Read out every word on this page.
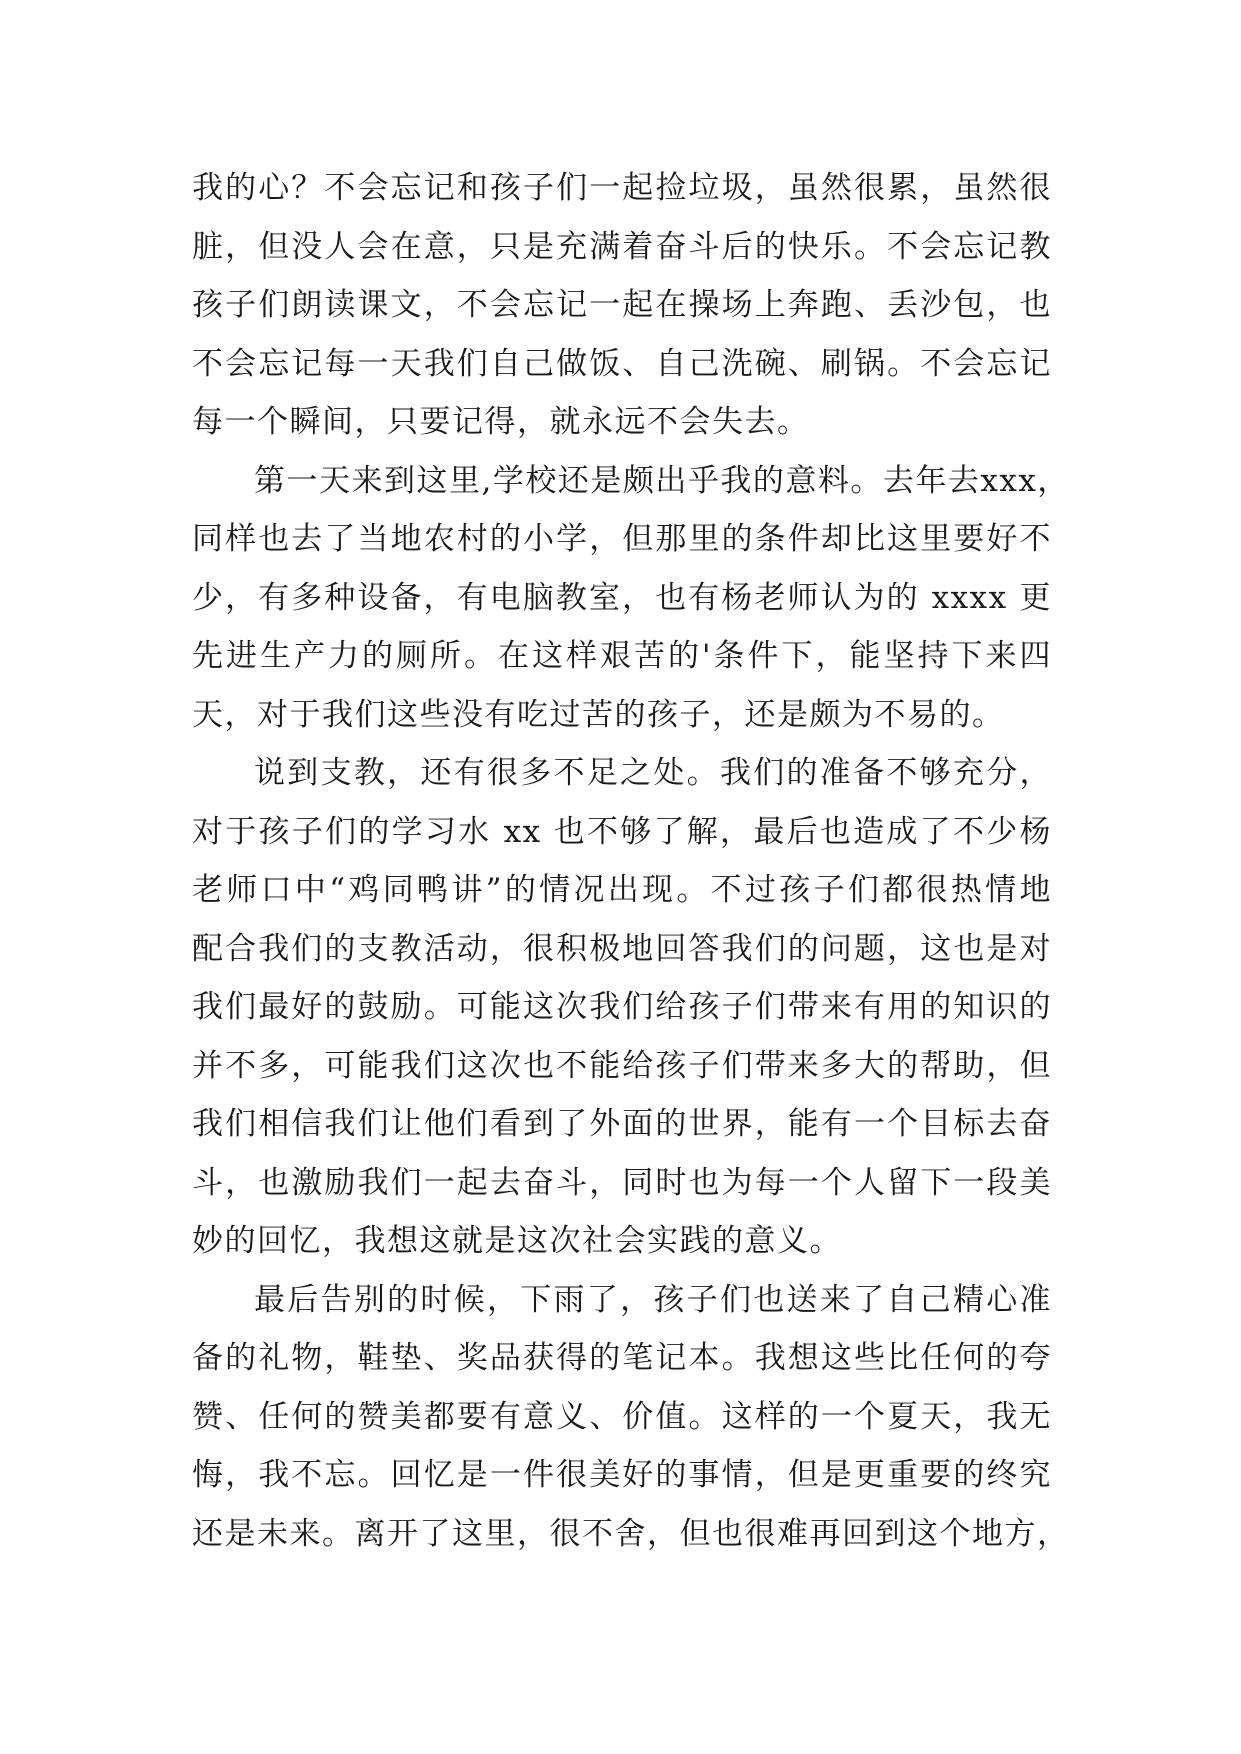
我的心？不会忘记和孩子们一起捡垃圾，虽然很累，虽然很
脏，但没人会在意，只是充满着奋斗后的快乐。不会忘记教
孩子们朗读课文，不会忘记一起在操场上奔跑、丢沙包，也
不会忘记每一天我们自己做饭、自己洗碗、刷锅。不会忘记
每一个瞬间，只要记得，就永远不会失去。
第一天来到这里,学校还是颇出乎我的意料。去年去xxx，
同样也去了当地农村的小学，但那里的条件却比这里要好不
少，有多种设备，有电脑教室，也有杨老师认为的 xxxx 更
先进生产力的厕所。在这样艰苦的'条件下，能坚持下来四
天，对于我们这些没有吃过苦的孩子，还是颇为不易的。
说到支教，还有很多不足之处。我们的准备不够充分，
对于孩子们的学习水 xx 也不够了解，最后也造成了不少杨
老师口中“鸡同鸭讲”的情况出现。不过孩子们都很热情地
配合我们的支教活动，很积极地回答我们的问题，这也是对
我们最好的鼓励。可能这次我们给孩子们带来有用的知识的
并不多，可能我们这次也不能给孩子们带来多大的帮助，但
我们相信我们让他们看到了外面的世界，能有一个目标去奋
斗，也激励我们一起去奋斗，同时也为每一个人留下一段美
妙的回忆，我想这就是这次社会实践的意义。
最后告别的时候，下雨了，孩子们也送来了自己精心准
备的礼物，鞋垫、奖品获得的笔记本。我想这些比任何的夸
赞、任何的赞美都要有意义、价值。这样的一个夏天，我无
悔，我不忘。回忆是一件很美好的事情，但是更重要的终究
还是未来。离开了这里，很不舍，但也很难再回到这个地方，
